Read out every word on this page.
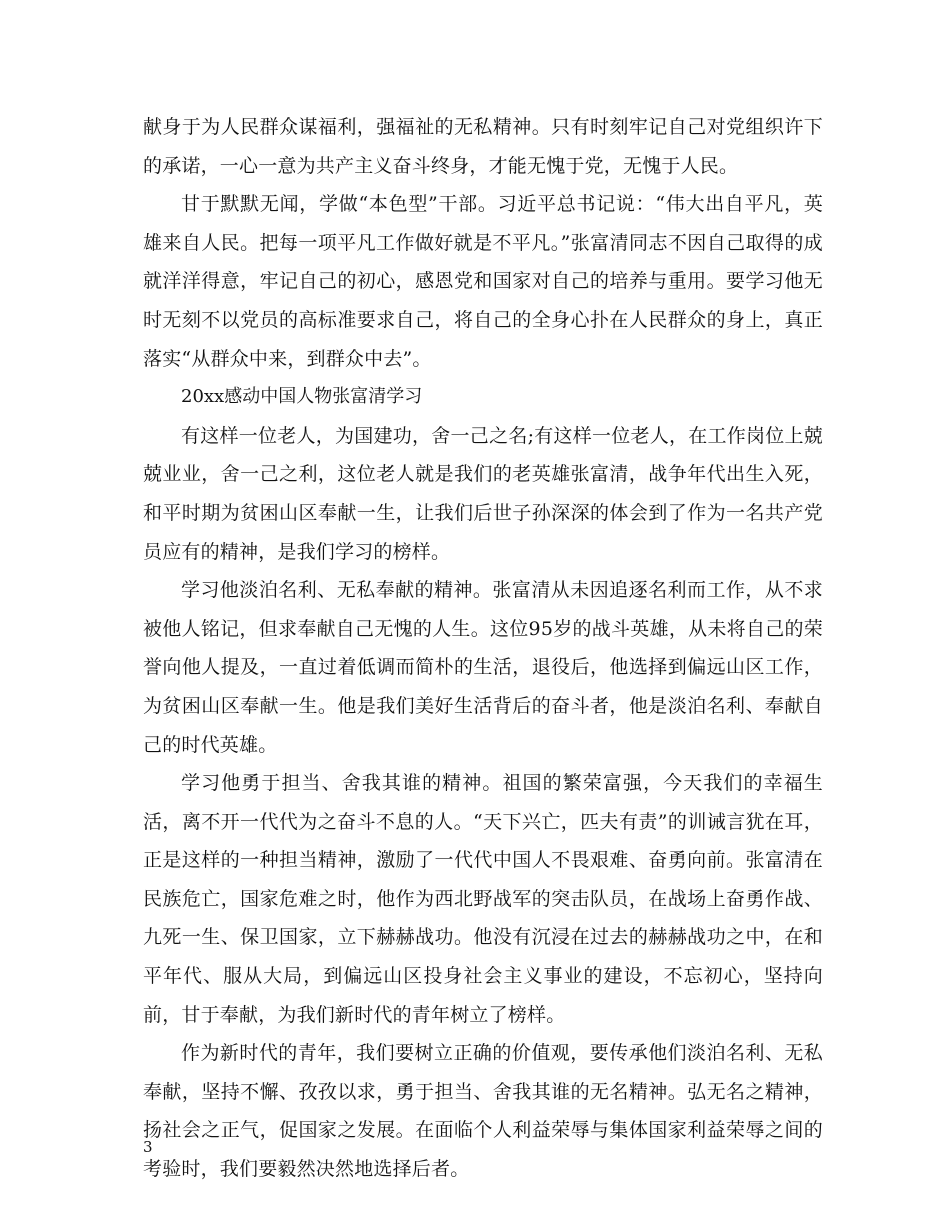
献身于为人民群众谋福利，强福祉的无私精神。只有时刻牢记自己对党组织许下的承诺，一心一意为共产主义奋斗终身，才能无愧于党，无愧于人民。

甘于默默无闻，学做“本色型”干部。习近平总书记说：“伟大出自平凡，英雄来自人民。把每一项平凡工作做好就是不平凡。”张富清同志不因自己取得的成就洋洋得意，牢记自己的初心，感恩党和国家对自己的培养与重用。要学习他无时无刻不以党员的高标准要求自己，将自己的全身心扑在人民群众的身上，真正落实“从群众中来，到群众中去”。

20xx感动中国人物张富清学习

有这样一位老人，为国建功，舍一己之名;有这样一位老人，在工作岗位上兢兢业业，舍一己之利，这位老人就是我们的老英雄张富清，战争年代出生入死，和平时期为贫困山区奉献一生，让我们后世子孙深深的体会到了作为一名共产党员应有的精神，是我们学习的榜样。

学习他淡泊名利、无私奉献的精神。张富清从未因追逐名利而工作，从不求被他人铭记，但求奉献自己无愧的人生。这位95岁的战斗英雄，从未将自己的荣誉向他人提及，一直过着低调而简朴的生活，退役后，他选择到偏远山区工作，为贫困山区奉献一生。他是我们美好生活背后的奋斗者，他是淡泊名利、奉献自己的时代英雄。

学习他勇于担当、舍我其谁的精神。祖国的繁荣富强，今天我们的幸福生活，离不开一代代为之奋斗不息的人。“天下兴亡，匹夫有责”的训诫言犹在耳，正是这样的一种担当精神，激励了一代代中国人不畏艰难、奋勇向前。张富清在民族危亡，国家危难之时，他作为西北野战军的突击队员，在战场上奋勇作战、九死一生、保卫国家，立下赫赫战功。他没有沉浸在过去的赫赫战功之中，在和平年代、服从大局，到偏远山区投身社会主义事业的建设，不忘初心，坚持向前，甘于奉献，为我们新时代的青年树立了榜样。

作为新时代的青年，我们要树立正确的价值观，要传承他们淡泊名利、无私奉献，坚持不懈、孜孜以求，勇于担当、舍我其谁的无名精神。弘无名之精神，扬社会之正气，促国家之发展。在面临个人利益荣辱与集体国家利益荣辱之间的考验时，我们要毅然决然地选择后者。

3
